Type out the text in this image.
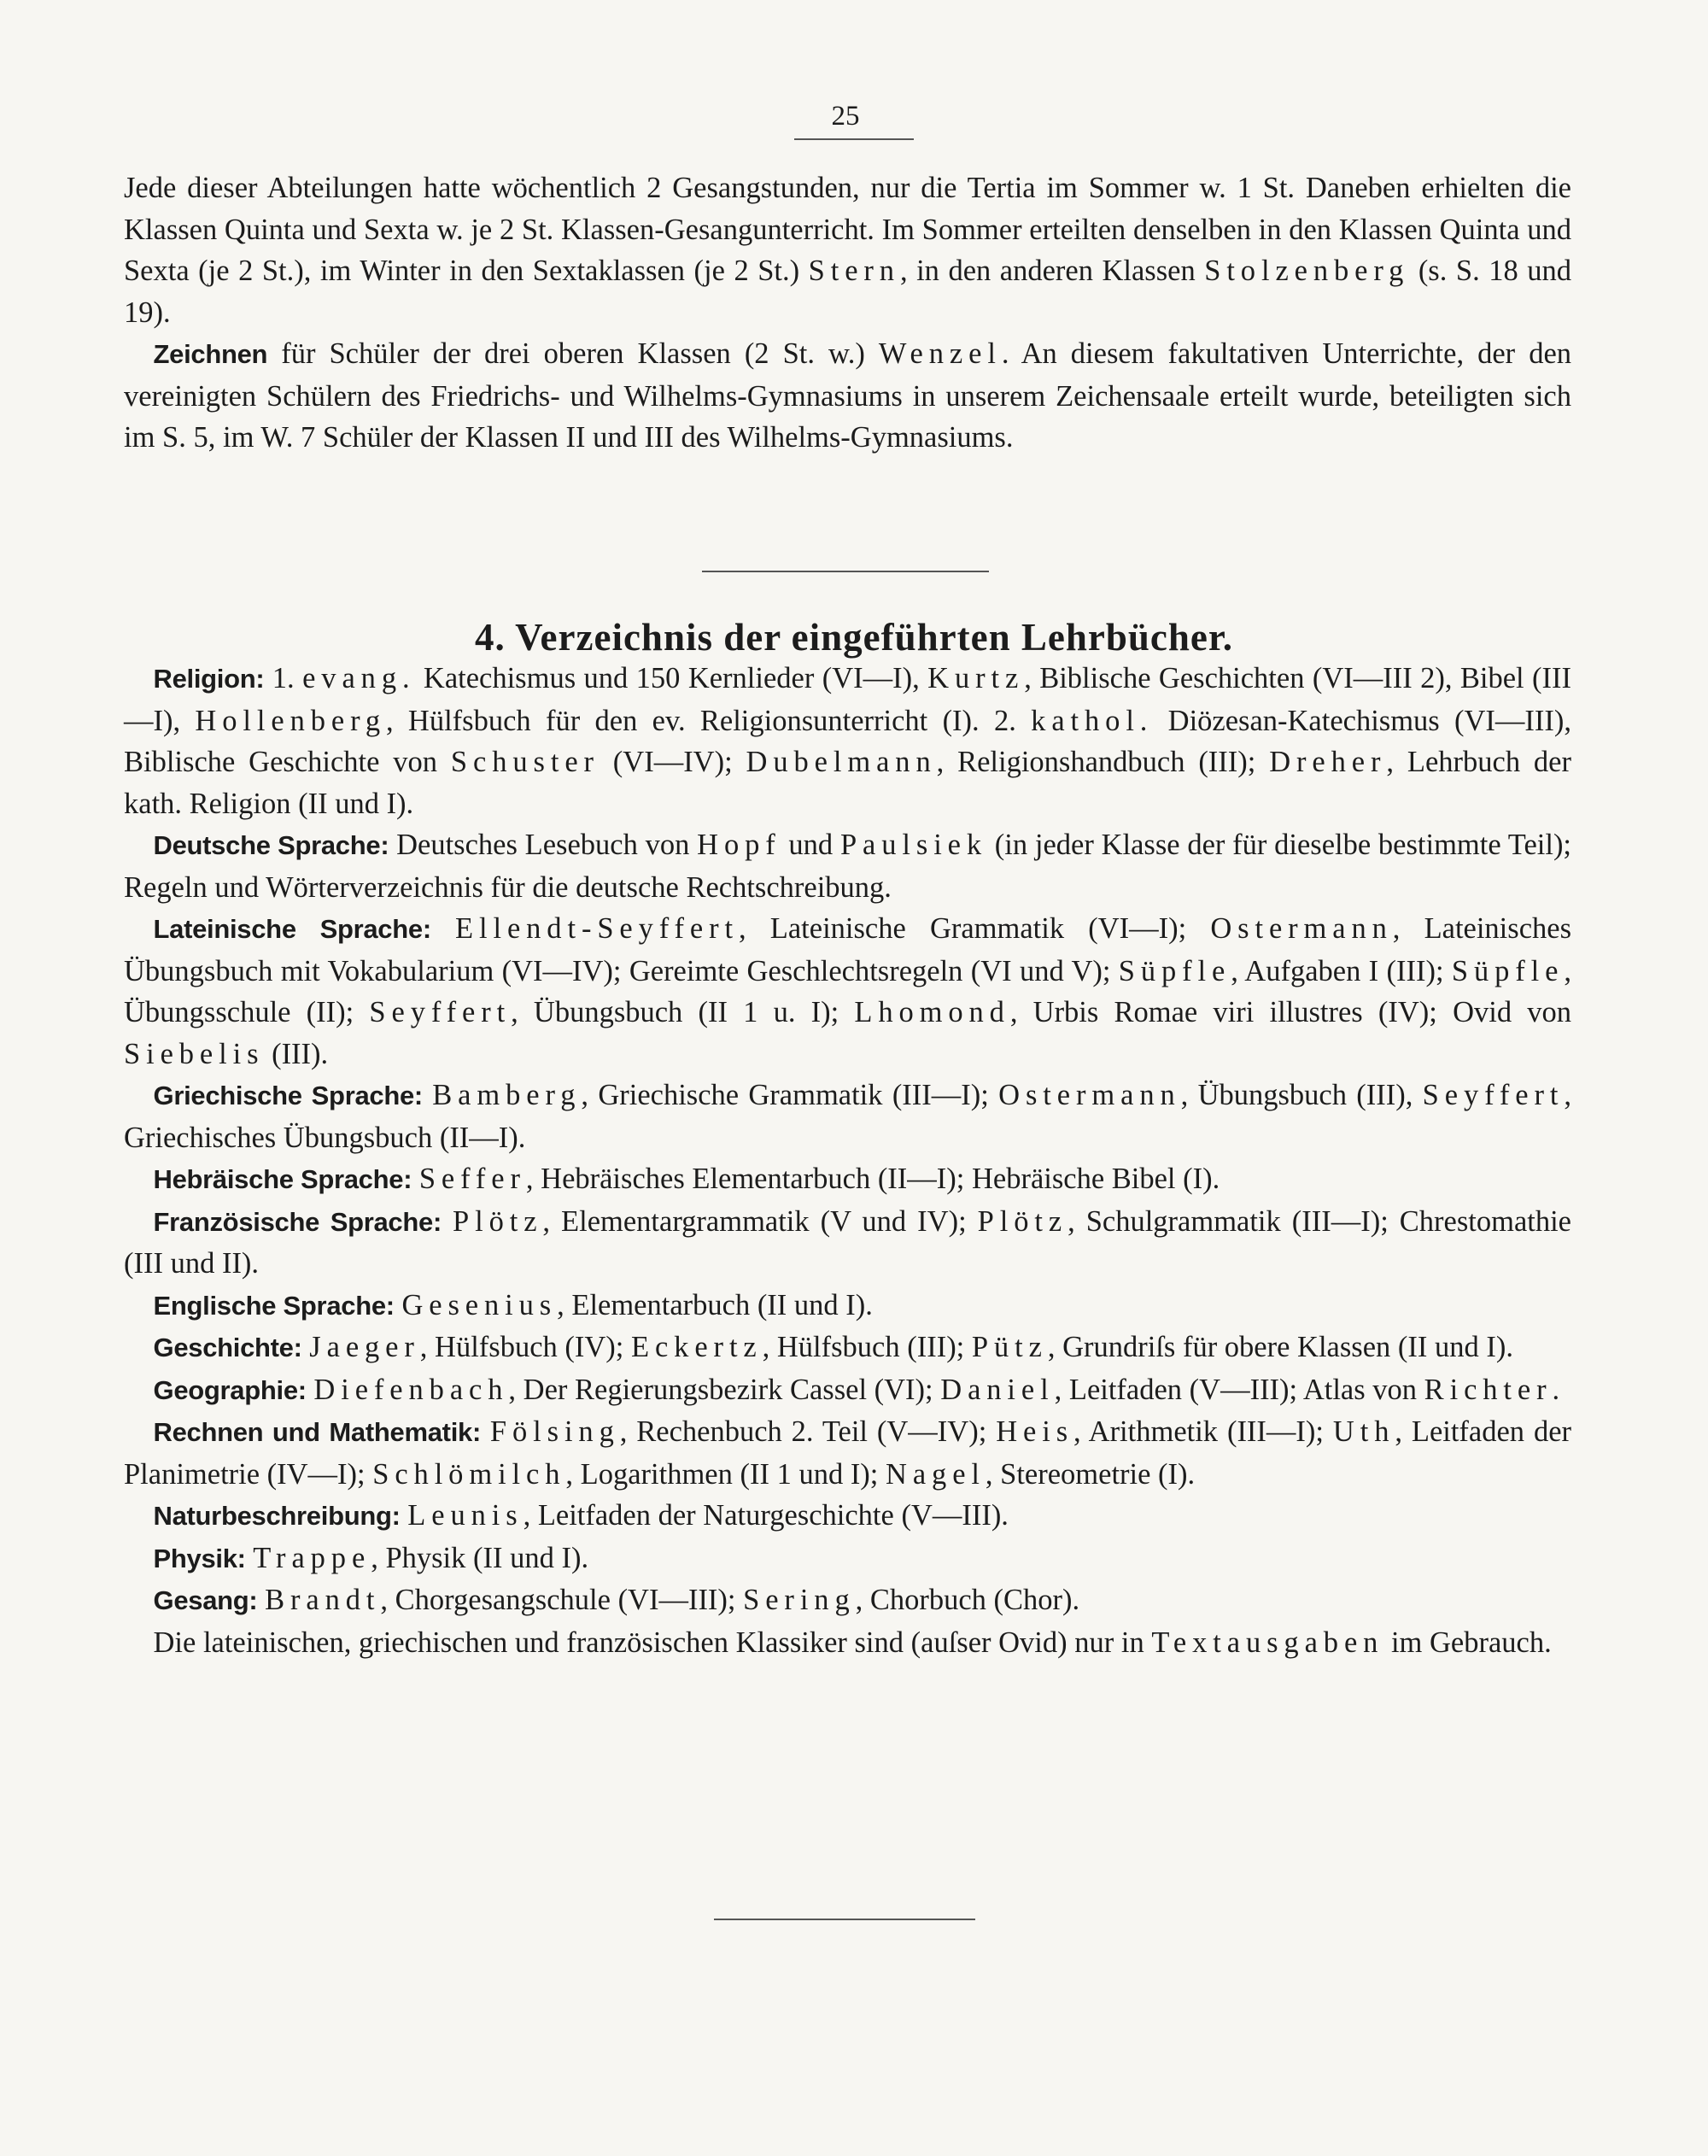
25

Jede dieser Abteilungen hatte wöchentlich 2 Gesangstunden, nur die Tertia im Sommer w. 1 St. Daneben erhielten die Klassen Quinta und Sexta w. je 2 St. Klassen-Gesangunterricht. Im Sommer erteilten denselben in den Klassen Quinta und Sexta (je 2 St.), im Winter in den Sextaklassen (je 2 St.) Stern, in den anderen Klassen Stolzenberg (s. S. 18 und 19).

Zeichnen für Schüler der drei oberen Klassen (2 St. w.) Wenzel. An diesem fakultativen Unterrichte, der den vereinigten Schülern des Friedrichs- und Wilhelms-Gymnasiums in unserem Zeichensaale erteilt wurde, beteiligten sich im S. 5, im W. 7 Schüler der Klassen II und III des Wilhelms-Gymnasiums.

4. Verzeichnis der eingeführten Lehrbücher.

Religion: 1. evang. Katechismus und 150 Kernlieder (VI—I), Kurtz, Biblische Geschichten (VI—III 2), Bibel (III—I), Hollenberg, Hülfsbuch für den ev. Religionsunterricht (I). 2. kathol. Diözesan-Katechismus (VI—III), Biblische Geschichte von Schuster (VI—IV); Dubelmann, Religionshandbuch (III); Dreher, Lehrbuch der kath. Religion (II und I).

Deutsche Sprache: Deutsches Lesebuch von Hopf und Paulsiek (in jeder Klasse der für dieselbe bestimmte Teil); Regeln und Wörterverzeichnis für die deutsche Rechtschreibung.

Lateinische Sprache: Ellendt-Seyffert, Lateinische Grammatik (VI—I); Ostermann, Lateinisches Übungsbuch mit Vokabularium (VI—IV); Gereimte Geschlechtsregeln (VI und V); Süpfle, Aufgaben I (III); Süpfle, Übungsschule (II); Seyffert, Übungsbuch (II 1 u. I); Lhomond, Urbis Romae viri illustres (IV); Ovid von Siebelis (III).

Griechische Sprache: Bamberg, Griechische Grammatik (III—I); Ostermann, Übungsbuch (III), Seyffert, Griechisches Übungsbuch (II—I).

Hebräische Sprache: Seffer, Hebräisches Elementarbuch (II—I); Hebräische Bibel (I).

Französische Sprache: Plötz, Elementargrammatik (V und IV); Plötz, Schulgrammatik (III—I); Chrestomathie (III und II).

Englische Sprache: Gesenius, Elementarbuch (II und I).

Geschichte: Jaeger, Hülfsbuch (IV); Eckertz, Hülfsbuch (III); Pütz, Grundriſs für obere Klassen (II und I).

Geographie: Diefenbach, Der Regierungsbezirk Cassel (VI); Daniel, Leitfaden (V—III); Atlas von Richter.

Rechnen und Mathematik: Fölsing, Rechenbuch 2. Teil (V—IV); Heis, Arithmetik (III—I); Uth, Leitfaden der Planimetrie (IV—I); Schlömilch, Logarithmen (II 1 und I); Nagel, Stereometrie (I).

Naturbeschreibung: Leunis, Leitfaden der Naturgeschichte (V—III).

Physik: Trappe, Physik (II und I).

Gesang: Brandt, Chorgesangschule (VI—III); Sering, Chorbuch (Chor).

Die lateinischen, griechischen und französischen Klassiker sind (auſser Ovid) nur in Textausgaben im Gebrauch.
